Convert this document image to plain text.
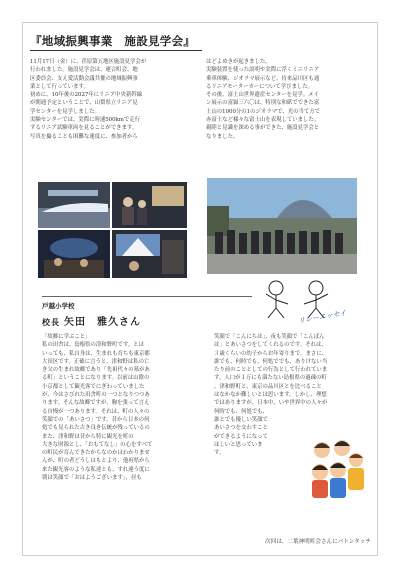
『地域振興事業　施設見学会』
11月17日（金）に、荏原第五地区施設見学会が
行われました。施設見学会は、運合町会、地
区委員会、支え愛活動会議共催の地域振興事
業として行っています。
初めに、10年後の2027年にリニア中央新幹線
が開通予定ということで、山梨県立リニア見
学センターを見学しました。
実験センターでは、実際に時速500kmで走行
するリニア試験車両を見ることができます。
写真を撮ることも困難な速度に、参加者から
はどよめきが起きました。
実験装置を使った説明や実際に浮くミニリニア
乗車体験、ジオラマ展示など、待来品川区も通
るリニアモーターカーについて学びました。
その後、富士山世界遺産センターを見学。メイ
ン展示の富嶽三六〇は、特別な和紙でできた富
士山の1000分の1のジオラマで、光の当て方で
赤富士など様々な富士山を表現していました。
親睦と見識を深める事ができた、施設見学会と
なりました。
戸越小学校
校長 矢田　雅久さん
「故郷に学ぶこと」
私の田舎は、島根県の津和野町です。とは
いっても、私自身は、生まれも育ちも東京都
大田区です。正確に言うと、津和野は私の亡
き父の生まれ故郷であり「先祖代々の墓があ
る町」ということになります。以前は山陰の
小京都として観光客でにぎわっていました
が、今はさびれた田舎町の一つとなりつつあ
ります。そんな故郷ですが、胸を張って言え
る自慢が一つあります。それは、町の人々の
笑顔での「あいさつ」です。昔から日本の何
処でも見られた古き良き伝統が残っているの
また、津和野は昔から特に観光を町の
大きな財源とし、「おもてなし」の心をすべて
の町民が育んできたからなのかはわかりませ
んが、町の者どうしはもとより、他府県から
来た観光客のような私達とも、すれ違う度に
朝は笑顔で「おはようございます」、昼も
笑顔で「こんにちは」、夜も笑顔で「こんばん
は」とあいさつをしてくれるのです。それは、
３歳くらいの幼子からお年寄りまで。まさに、
誰でも、何時でも、何処ででも、ありけない当
たり前のこととしての行為として行われていま
す。人口が１万にも満たない島根県の過疎の町
、津和野町と、東京の品川区とを比べること
はなかなか難しいとは思います。しかし、理想
ではありますが、日本中、いや世界中の人々が
何時でも、何処でも、
誰とでも優しい笑顔で
あいさつを交わすこと
ができるようになって
ほしいと思っていま
す。
リレーエッセイ
次回は、二葉神明町会さんにバトンタッチ
